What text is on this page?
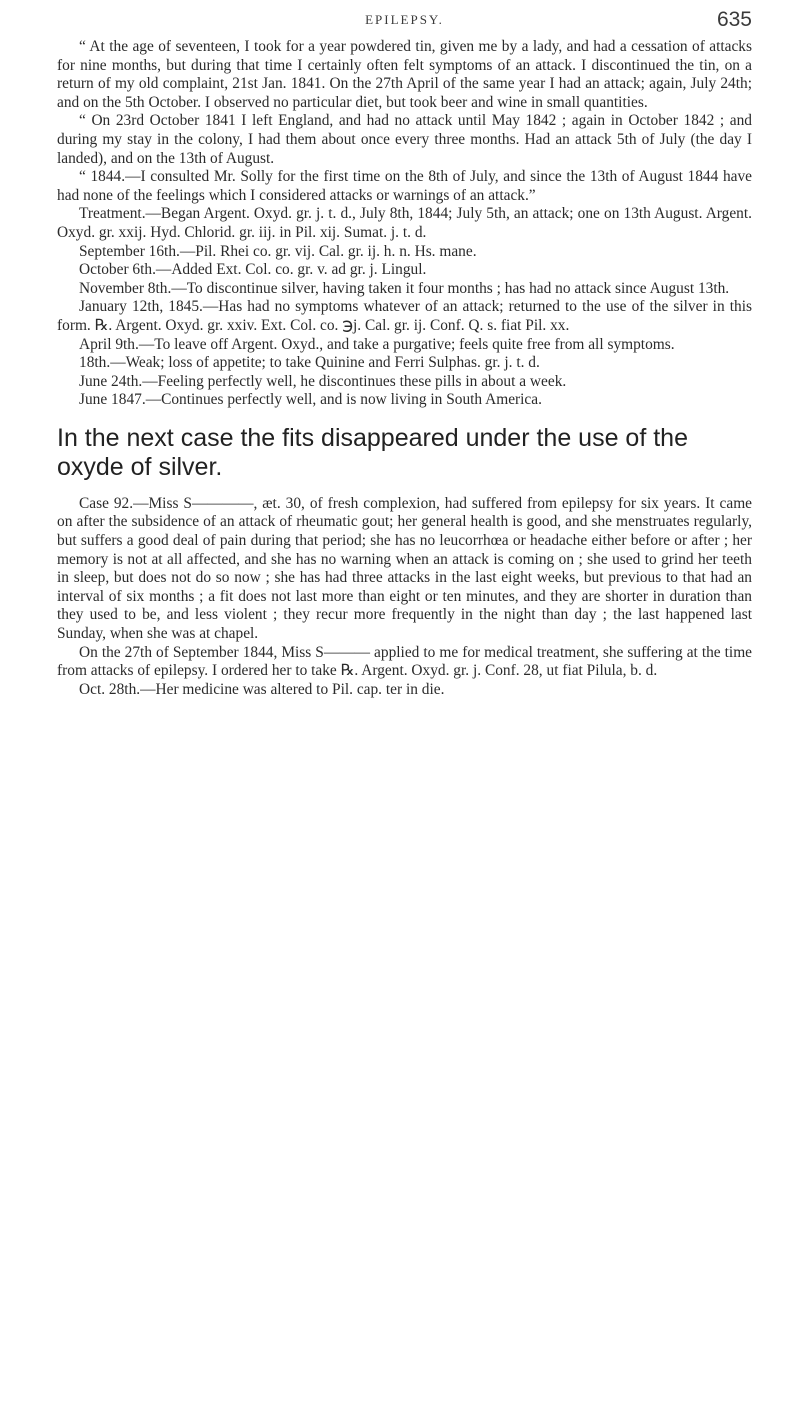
EPILEPSY.	635

“ At the age of seventeen, I took for a year powdered tin, given me by a lady, and had a cessation of attacks for nine months, but during that time I certainly often felt symptoms of an attack. I discontinued the tin, on a return of my old complaint, 21st Jan. 1841. On the 27th April of the same year I had an attack; again, July 24th; and on the 5th October. I observed no particular diet, but took beer and wine in small quantities.

“ On 23rd October 1841 I left England, and had no attack until May 1842 ; again in October 1842 ; and during my stay in the colony, I had them about once every three months. Had an attack 5th of July (the day I landed), and on the 13th of August.

“ 1844.—I consulted Mr. Solly for the first time on the 8th of July, and since the 13th of August 1844 have had none of the feelings which I considered attacks or warnings of an attack.”

Treatment.—Began Argent. Oxyd. gr. j. t. d., July 8th, 1844; July 5th, an attack; one on 13th August. Argent. Oxyd. gr. xxij. Hyd. Chlorid. gr. iij. in Pil. xij. Sumat. j. t. d.

September 16th.—Pil. Rhei co. gr. vij. Cal. gr. ij. h. n. Hs. mane.

October 6th.—Added Ext. Col. co. gr. v. ad gr. j. Lingul.

November 8th.—To discontinue silver, having taken it four months ; has had no attack since August 13th.

January 12th, 1845.—Has had no symptoms whatever of an attack; returned to the use of the silver in this form. ℞. Argent. Oxyd. gr. xxiv. Ext. Col. co. ℈j. Cal. gr. ij. Conf. Q. s. fiat Pil. xx.

April 9th.—To leave off Argent. Oxyd., and take a purgative; feels quite free from all symptoms.

18th.—Weak; loss of appetite; to take Quinine and Ferri Sulphas. gr. j. t. d.

June 24th.—Feeling perfectly well, he discontinues these pills in about a week.

June 1847.—Continues perfectly well, and is now living in South America.

In the next case the fits disappeared under the use of the oxyde of silver.

Case 92.—Miss S————, æt. 30, of fresh complexion, had suffered from epilepsy for six years. It came on after the subsidence of an attack of rheumatic gout; her general health is good, and she menstruates regularly, but suffers a good deal of pain during that period; she has no leucorrhœa or headache either before or after ; her memory is not at all affected, and she has no warning when an attack is coming on ; she used to grind her teeth in sleep, but does not do so now ; she has had three attacks in the last eight weeks, but previous to that had an interval of six months ; a fit does not last more than eight or ten minutes, and they are shorter in duration than they used to be, and less violent ; they recur more frequently in the night than day ; the last happened last Sunday, when she was at chapel.

On the 27th of September 1844, Miss S——— applied to me for medical treatment, she suffering at the time from attacks of epilepsy. I ordered her to take ℞. Argent. Oxyd. gr. j. Conf. 28, ut fiat Pilula, b. d.

Oct. 28th.—Her medicine was altered to Pil. cap. ter in die.
